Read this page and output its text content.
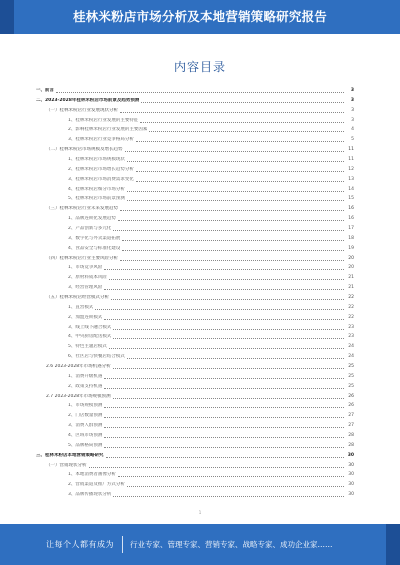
桂林米粉店市场分析及本地营销策略研究报告
内容目录
一、前言	3
二、2023-2028年桂林米粉店市场前景及趋势预测	3
（一）桂林米粉店行业发展现状分析	3
1、桂林米粉店行业发展的主要特征	3
2、影响桂林米粉店行业发展的主要因素	4
3、桂林米粉店行业竞争格局分析	5
（二）桂林米粉店市场规模及增长趋势	11
1、桂林米粉店市场规模现状	11
2、桂林米粉店市场增长趋势分析	12
3、桂林米粉店市场消费需求变化	13
4、桂林米粉店细分市场分析	14
5、桂林米粉店市场前景预测	15
（三）桂林米粉店行业未来发展趋势	16
1、品牌连锁化发展趋势	16
2、产品创新与多元化	17
3、数字化与外卖渠道拓展	18
4、食品安全与标准化建设	19
（四）桂林米粉店行业主要风险分析	20
1、市场竞争风险	20
2、原材料成本风险	21
3、经营管理风险	21
（五）桂林米粉店经营模式分析	22
1、直营模式	22
2、加盟连锁模式	22
3、线上线下融合模式	23
4、中央厨房配送模式	23
5、特色主题店模式	24
6、社区店与快餐店结合模式	24
2.6 2023-2028年市场机遇分析	25
1、消费升级机遇	25
2、政策支持机遇	25
2.7 2023-2028年市场规模预测	26
1、市场规模预测	26
2、门店数量预测	27
3、消费人群预测	27
4、区域市场预测	28
5、品牌格局预测	28
三、桂林米粉店本地营销策略研究	30
（一）营销现状分析	30
1、本地消费者画像分析	30
2、营销渠道及推广方式分析	30
3、品牌传播现状分析	30
1
让每个人都有成为 行业专家、管理专家、营销专家、战略专家、成功企业家……
